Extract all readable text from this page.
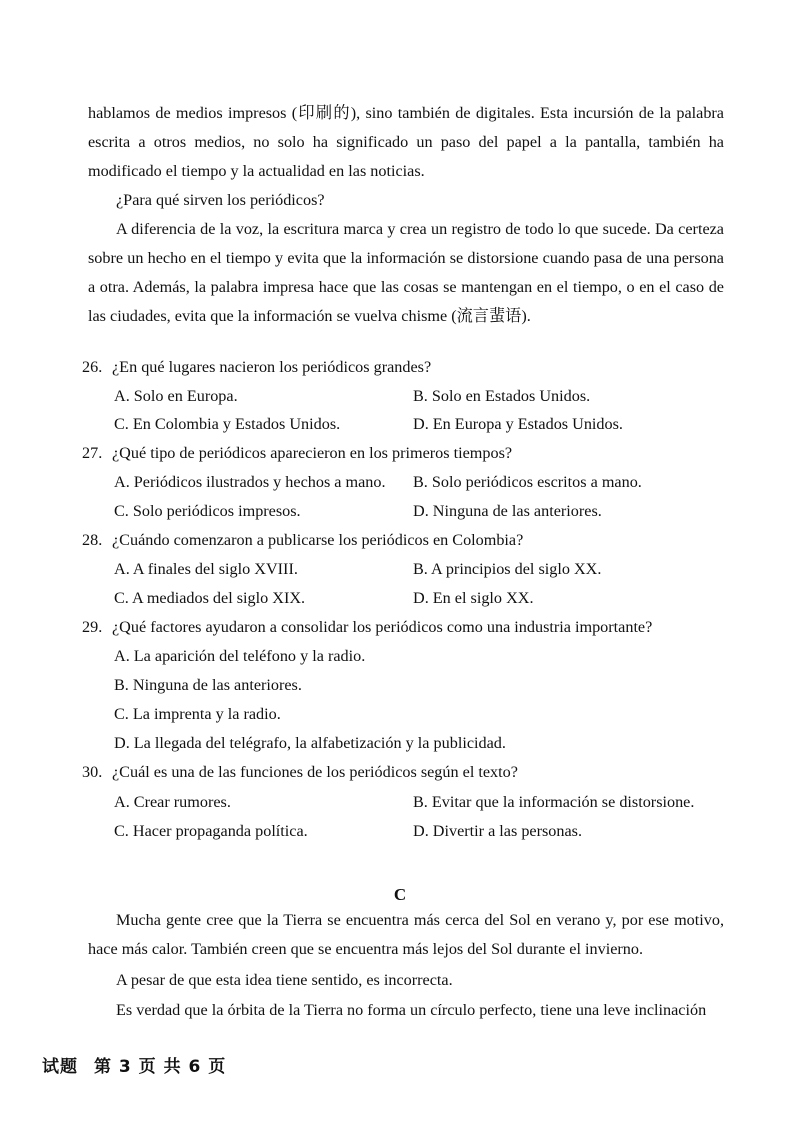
hablamos de medios impresos (印刷的), sino también de digitales. Esta incursión de la palabra escrita a otros medios, no solo ha significado un paso del papel a la pantalla, también ha modificado el tiempo y la actualidad en las noticias.

¿Para qué sirven los periódicos?

A diferencia de la voz, la escritura marca y crea un registro de todo lo que sucede. Da certeza sobre un hecho en el tiempo y evita que la información se distorsione cuando pasa de una persona a otra. Además, la palabra impresa hace que las cosas se mantengan en el tiempo, o en el caso de las ciudades, evita que la información se vuelva chisme (流言蜚语).

26. ¿En qué lugares nacieron los periódicos grandes?
A. Solo en Europa.	B. Solo en Estados Unidos.
C. En Colombia y Estados Unidos.	D. En Europa y Estados Unidos.
27. ¿Qué tipo de periódicos aparecieron en los primeros tiempos?
A. Periódicos ilustrados y hechos a mano. B. Solo periódicos escritos a mano.
C. Solo periódicos impresos.	D. Ninguna de las anteriores.
28. ¿Cuándo comenzaron a publicarse los periódicos en Colombia?
A. A finales del siglo XVIII.	B. A principios del siglo XX.
C. A mediados del siglo XIX.	D. En el siglo XX.
29. ¿Qué factores ayudaron a consolidar los periódicos como una industria importante?
A. La aparición del teléfono y la radio.
B. Ninguna de las anteriores.
C. La imprenta y la radio.
D. La llegada del telégrafo, la alfabetización y la publicidad.
30. ¿Cuál es una de las funciones de los periódicos según el texto?
A. Crear rumores.	B. Evitar que la información se distorsione.
C. Hacer propaganda política.	D. Divertir a las personas.
C

Mucha gente cree que la Tierra se encuentra más cerca del Sol en verano y, por ese motivo, hace más calor. También creen que se encuentra más lejos del Sol durante el invierno.

A pesar de que esta idea tiene sentido, es incorrecta.

Es verdad que la órbita de la Tierra no forma un círculo perfecto, tiene una leve inclinación

试题 第 3 页 共 6 页
